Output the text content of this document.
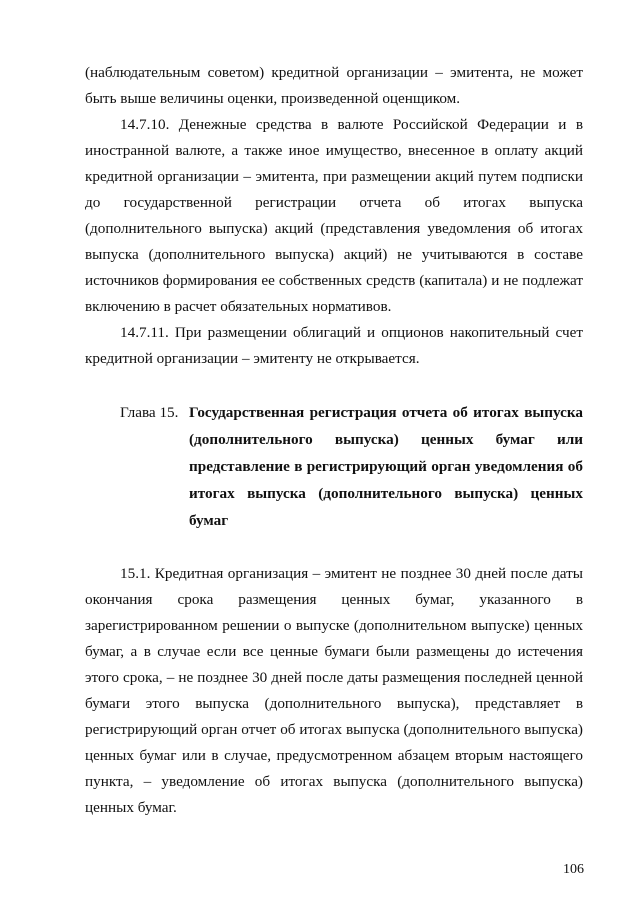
(наблюдательным советом) кредитной организации – эмитента, не может
быть выше величины оценки, произведенной оценщиком.
14.7.10. Денежные средства в валюте Российской Федерации и в
иностранной валюте, а также иное имущество, внесенное в оплату акций
кредитной организации – эмитента, при размещении акций путем подписки
до государственной регистрации отчета об итогах выпуска
(дополнительного выпуска) акций (представления уведомления об итогах
выпуска (дополнительного выпуска) акций) не учитываются в составе
источников формирования ее собственных средств (капитала) и не подлежат
включению в расчет обязательных нормативов.
14.7.11. При размещении облигаций и опционов накопительный счет
кредитной организации – эмитенту не открывается.
Глава 15. Государственная регистрация отчета об итогах выпуска
(дополнительного выпуска) ценных бумаг или
представление в регистрирующий орган уведомления об
итогах выпуска (дополнительного выпуска) ценных
бумаг
15.1. Кредитная организация – эмитент не позднее 30 дней после даты
окончания срока размещения ценных бумаг, указанного в
зарегистрированном решении о выпуске (дополнительном выпуске) ценных
бумаг, а в случае если все ценные бумаги были размещены до истечения
этого срока, – не позднее 30 дней после даты размещения последней ценной
бумаги этого выпуска (дополнительного выпуска), представляет в
регистрирующий орган отчет об итогах выпуска (дополнительного выпуска)
ценных бумаг или в случае, предусмотренном абзацем вторым настоящего
пункта, – уведомление об итогах выпуска (дополнительного выпуска)
ценных бумаг.
106
